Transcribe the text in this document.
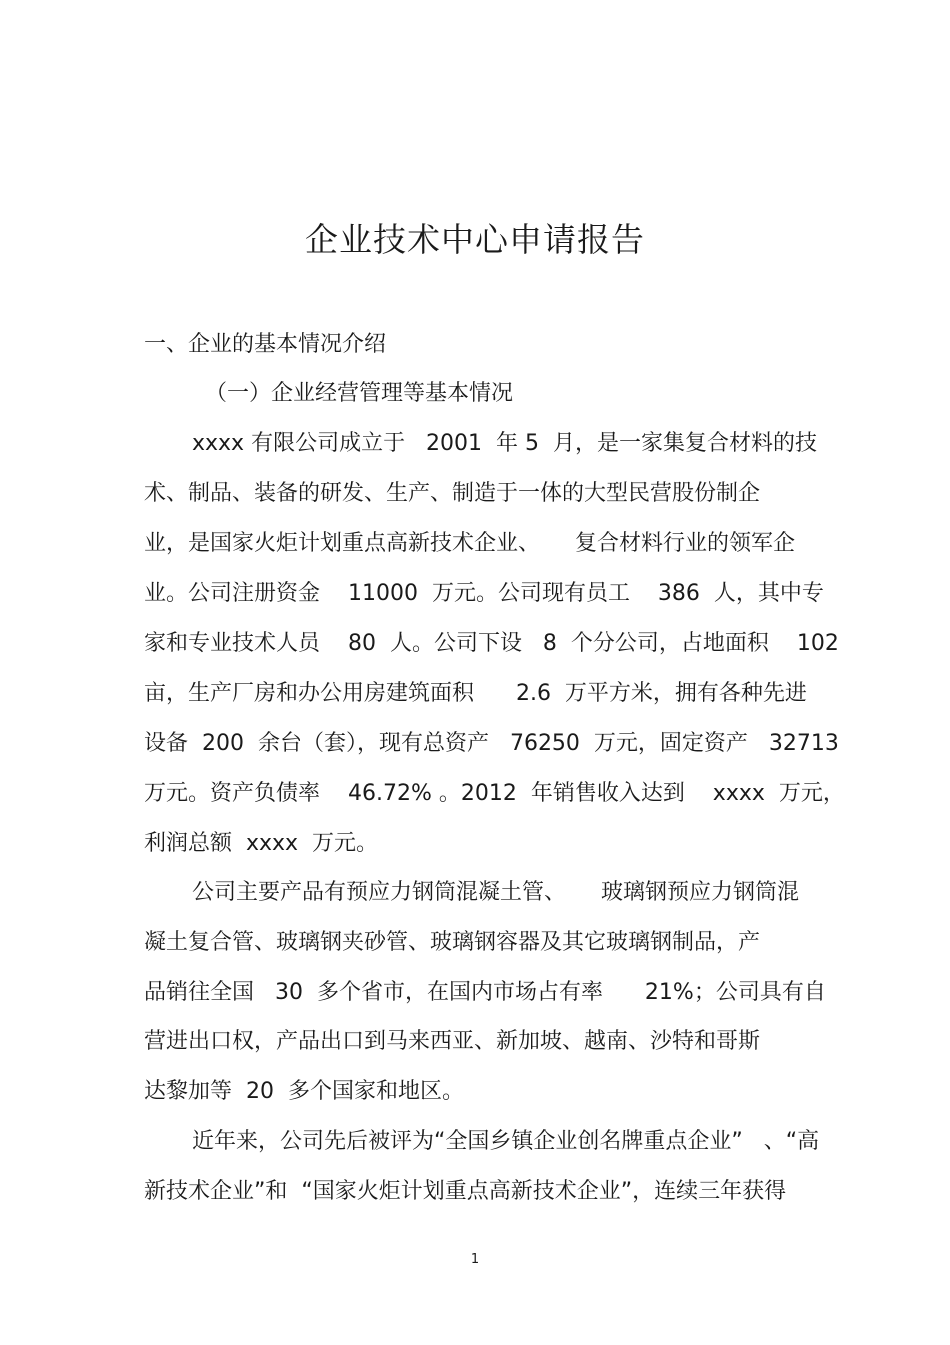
企业技术中心申请报告
一、企业的基本情况介绍
（一）企业经营管理等基本情况
xxxx 有限公司成立于   2001  年 5  月，是一家集复合材料的技
术、制品、装备的研发、生产、制造于一体的大型民营股份制企
业，是国家火炬计划重点高新技术企业、     复合材料行业的领军企
业。公司注册资金    11000  万元。公司现有员工    386  人，其中专
家和专业技术人员    80  人。公司下设   8  个分公司，占地面积    102
亩，生产厂房和办公用房建筑面积      2.6  万平方米，拥有各种先进
设备  200  余台（套），现有总资产   76250  万元，固定资产   32713
万元。资产负债率    46.72% 。2012  年销售收入达到    xxxx  万元，
利润总额  xxxx  万元。
公司主要产品有预应力钢筒混凝土管、     玻璃钢预应力钢筒混
凝土复合管、玻璃钢夹砂管、玻璃钢容器及其它玻璃钢制品，产
品销往全国   30  多个省市，在国内市场占有率      21%；公司具有自
营进出口权，产品出口到马来西亚、新加坡、越南、沙特和哥斯
达黎加等  20  多个国家和地区。
近年来，公司先后被评为“全国乡镇企业创名牌重点企业”   、“高
新技术企业”和  “国家火炬计划重点高新技术企业”，连续三年获得
1
